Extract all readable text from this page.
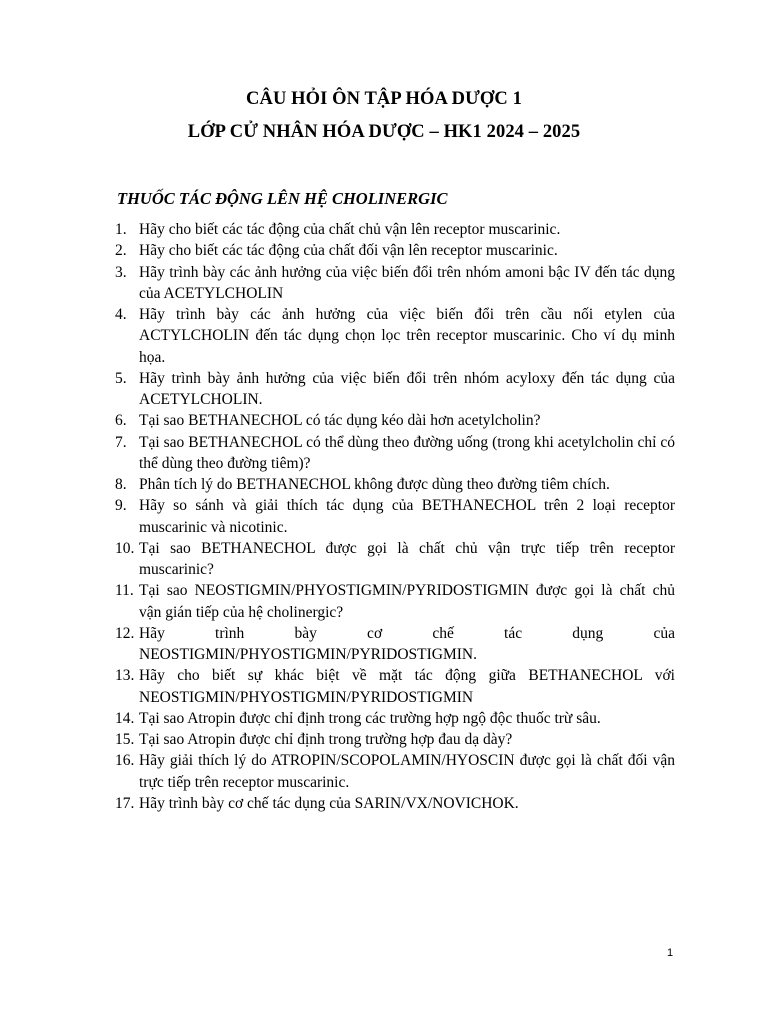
CÂU HỎI ÔN TẬP HÓA DƯỢC 1
LỚP CỬ NHÂN HÓA DƯỢC – HK1 2024 – 2025
THUỐC TÁC ĐỘNG LÊN HỆ CHOLINERGIC
1. Hãy cho biết các tác động của chất chủ vận lên receptor muscarinic.
2. Hãy cho biết các tác động của chất đối vận lên receptor muscarinic.
3. Hãy trình bày các ảnh hưởng của việc biến đổi trên nhóm amoni bậc IV đến tác dụng của ACETYLCHOLIN
4. Hãy trình bày các ảnh hưởng của việc biến đổi trên cầu nối etylen của ACTYLCHOLIN đến tác dụng chọn lọc trên receptor muscarinic. Cho ví dụ minh họa.
5. Hãy trình bày ảnh hưởng của việc biến đổi trên nhóm acyloxy đến tác dụng của ACETYLCHOLIN.
6. Tại sao BETHANECHOL có tác dụng kéo dài hơn acetylcholin?
7. Tại sao BETHANECHOL có thể dùng theo đường uống (trong khi acetylcholin chỉ có thể dùng theo đường tiêm)?
8. Phân tích lý do BETHANECHOL không được dùng theo đường tiêm chích.
9. Hãy so sánh và giải thích tác dụng của BETHANECHOL trên 2 loại receptor muscarinic và nicotinic.
10. Tại sao BETHANECHOL được gọi là chất chủ vận trực tiếp trên receptor muscarinic?
11. Tại sao NEOSTIGMIN/PHYOSTIGMIN/PYRIDOSTIGMIN được gọi là chất chủ vận gián tiếp của hệ cholinergic?
12. Hãy trình bày cơ chế tác dụng của NEOSTIGMIN/PHYOSTIGMIN/PYRIDOSTIGMIN.
13. Hãy cho biết sự khác biệt về mặt tác động giữa BETHANECHOL với NEOSTIGMIN/PHYOSTIGMIN/PYRIDOSTIGMIN
14. Tại sao Atropin được chỉ định trong các trường hợp ngộ độc thuốc trừ sâu.
15. Tại sao Atropin được chỉ định trong trường hợp đau dạ dày?
16. Hãy giải thích lý do ATROPIN/SCOPOLAMIN/HYOSCIN được gọi là chất đối vận trực tiếp trên receptor muscarinic.
17. Hãy trình bày cơ chế tác dụng của SARIN/VX/NOVICHOK.
1
